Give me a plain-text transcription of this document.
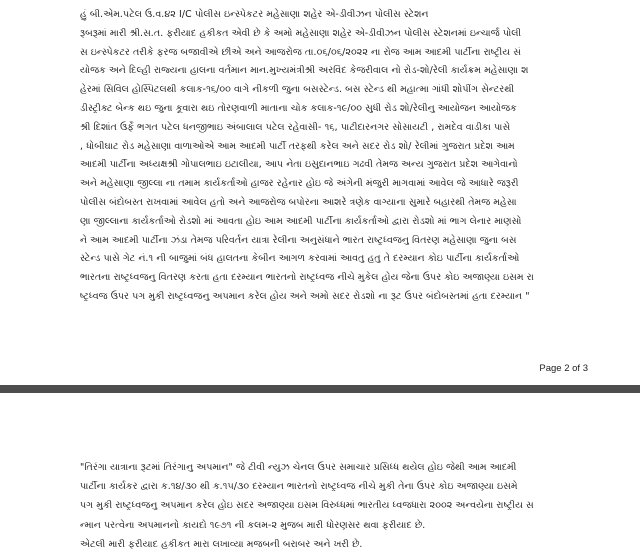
હું બી.એમ.પટેલ ઉ.વ.૪૨ I/C પોલીસ ઇન્સ્પેકટર મહેસાણા શહેર એ-ડીવીઝન પોલીસ સ્ટેશન
રૂબરૂમાં મારી શ્રી.સ.ત. ફરીયાદ હકીકત એવી છે કે અમો મહેસાણા શહેર એ-ડીવીઝન પોલીસ સ્ટેશનમાં ઇન્ચાર્જ પોલી
સ ઇન્સ્પેકટર તરીકે ફરજ બજાવીએ છીએ અને આજરોજ તા.૦૬/૦૬/૨૦૨૨ ના રોજ આમ આદમી પાર્ટીના રાષ્ટ્રીય સં
યોજક અને દિલ્હી રાજ્યના હાલના વર્તમાન માન.મુખ્યમંત્રીશ્રી અરવિંદ કેજરીવાલ નો રોડ-શો/રેલી કાર્યક્રમ મહેસાણા શ
હેરમાં સિવિલ હોસ્પિટલથી કલાક-૧૬/૦૦ વાગે નીકળી જુના બસસ્ટેન્ડ. બસ સ્ટેન્ડ થી મહાત્મા ગાંધી શોપીંગ સેન્ટરથી
ડીસ્ટ્રીક્ટ બેન્ક થઇ જુના કૂવારા થઇ તોરણવાળી માતાના ચોક કલાક-૧૯/૦૦ સુધી રોડ શો/રેલીનુ આયોજન આયોજક
શ્રી દિશાંત ઉર્ફે ભગત પટેલ ધનજીભાઇ અંબાલાલ પટેલ રહેવાસી- ૧૬, પાટીદારનગર સોસાયટી , રામદેવ વાડીકા પાસે
, ધોબીઘાટ રોડ મહેસાણા વાળાઓએ આમ આદમી પાર્ટી તરફથી કરેલ અને સદર રોડ શો/ રેલીમાં ગુજરાત પ્રદેશ આમ
આદમી પાર્ટીના અધ્યક્ષશ્રી ગોપાલભાઇ ઇટાલીયા, આપ નેતા ઇસુદાનભાઇ ગઢવી તેમજ અન્ય ગુજરાત પ્રદેશ આગેવાનો
અને મહેસાણા જીલ્લા ના તમામ કાર્યકર્તાઓ હાજર રહેનાર હોઇ જે અંગેની મંજુરી માગવામાં આવેલ જે આધારે જરૂરી
પોલીસ બંદોબસ્ત રાખવામાં આવેલ હતો અને આજરોજ બપોરના આશરે ત્રણેક વાગ્યાના સુમારે બહારથી તેમજ મહેસા
ણા જીલ્લાના કાર્યકર્તાઓ રોડશો માં આવતા હોઇ આમ આદમી પાર્ટીના કાર્યકર્તાઓ દ્વારા રોડશો માં ભાગ લેનાર માણસો
ને આમ આદમી પાર્ટીના ઝંડા તેમજ પરિવર્તન યાત્રા રેલીના અનુસંધાને ભારત રાષ્ટ્રધ્વજનુ વિતરણ મહેસાણા જુના બસ
સ્ટેન્ડ પાસે ગેટ નં.૧ ની બાજુમાં બંધ હાલતના કેબીન આગળ કરવામાં આવતુ હતુ તે દરમ્યાન કોઇ પાર્ટીના કાર્યકર્તાઓ
ભારતના રાષ્ટ્રધ્વજનુ વિતરણ કરતા હતા દરમ્યાન ભારતનો રાષ્ટ્રધ્વજ નીચે મુકેલ હોય જેના ઉપર કોઇ અજાણ્યા ઇસમ રા
ષ્ટ્રધ્વજ ઉપર પગ મુકી રાષ્ટ્રધ્વજનુ અપમાન કરેલ હોય અને અમો સદર રોડશો ના રૂટ ઉપર બંદોબસ્તમાં હતા દરમ્યાન "
Page 2 of 3
"તિરંગા યાત્રાના રૂટમાં તિરંગાનુ અપમાન" જે ટીવી ન્યુઝ ચેનલ ઉપર સમાચાર પ્રસિધ્ધ થયેલ હોઇ જેથી આમ આદમી
પાર્ટીના કાર્યકર દ્વારા ક.૧૪/૩૦ થી ક.૧૫/૩૦ દરમ્યાન ભારતનો રાષ્ટ્રધ્વજ નીચે મુકી તેના ઉપર કોઇ અજાણ્યા ઇસમે
પગ મુકી રાષ્ટ્રધ્વજનુ અપમાન કરેલ હોઇ સદર અજાણ્યા ઇસમ વિરુધ્ધમાં ભારતીય ધ્વજધારા ૨૦૦૨ અન્વયેના રાષ્ટ્રીય સ
ન્માન પરત્વેના અપમાનનો કાયદો ૧૯૭૧ ની કલમ-૨ મુજબ મારી ધોરણસર થવા ફરીયાદ છે.
એટલી મારી ફરીયાદ હકીકત મારા લખાવ્યા મજબની બરાબર અને ખરી છે.
